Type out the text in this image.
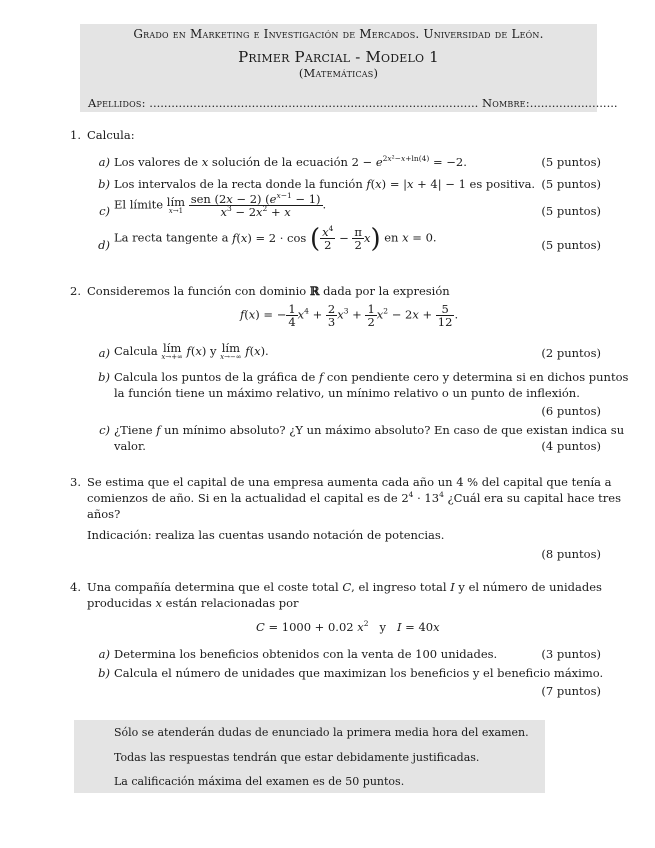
Grado en Marketing e Investigación de Mercados. Universidad de León.
Primer Parcial - Modelo 1
(Matemáticas)
Apellidos: .......................................................................................... Nombre:........................
1. Calcula:
a) Los valores de x solución de la ecuación $2 - e^{2x^2-x+ln(4)} = -2$.	(5 puntos)
b) Los intervalos de la recta donde la función f(x) = |x + 4| − 1 es positiva. (5 puntos)
c) El límite lím
x→1
$\frac{sen (2x - 2) (e^{x-1} - 1)}{x^3 - 2x^2 + x}$ .	(5 puntos)
d)
La recta tangente a f(x) = 2 · cos ( $\frac{x^4}{2} - \frac{\pi}{2} x$) en x = 0.
(5 puntos)
2. Consideremos la función con dominio ℝ dada por la expresión
f(x) = − $\frac{1}{4} x^4 + \frac{2}{3} x^3 + \frac{1}{2} x^2 - 2x + \frac{5}{12}$ .
a) Calcula lím
x→+∞ f(x) y lím
x→−∞ f(x).	(2 puntos)
b) Calcula los puntos de la gráfica de f con pendiente cero y determina si en dichos puntos
la función tiene un máximo relativo, un mínimo relativo o un punto de inflexión.
(6 puntos)
c) ¿Tiene f un mínimo absoluto? ¿Y un máximo absoluto? En caso de que existan indica su
valor.	(4 puntos)
3. Se estima que el capital de una empresa aumenta cada año un 4 % del capital que tenía a
comienzos de año. Si en la actualidad el capital es de $2^4 \cdot 13^4$ ¿Cuál era su capital hace tres
años?
Indicación: realiza las cuentas usando notación de potencias.
(8 puntos)
4. Una compañía determina que el coste total C, el ingreso total I y el número de unidades
producidas x están relacionadas por
C = 1000 + 0.02 $x^2$ y I = 40x
a) Determina los beneficios obtenidos con la venta de 100 unidades.	(3 puntos)
b) Calcula el número de unidades que maximizan los beneficios y el beneficio máximo.
(7 puntos)
Sólo se atenderán dudas de enunciado la primera media hora del examen.
Todas las respuestas tendrán que estar debidamente justificadas.
La calificación máxima del examen es de 50 puntos.
